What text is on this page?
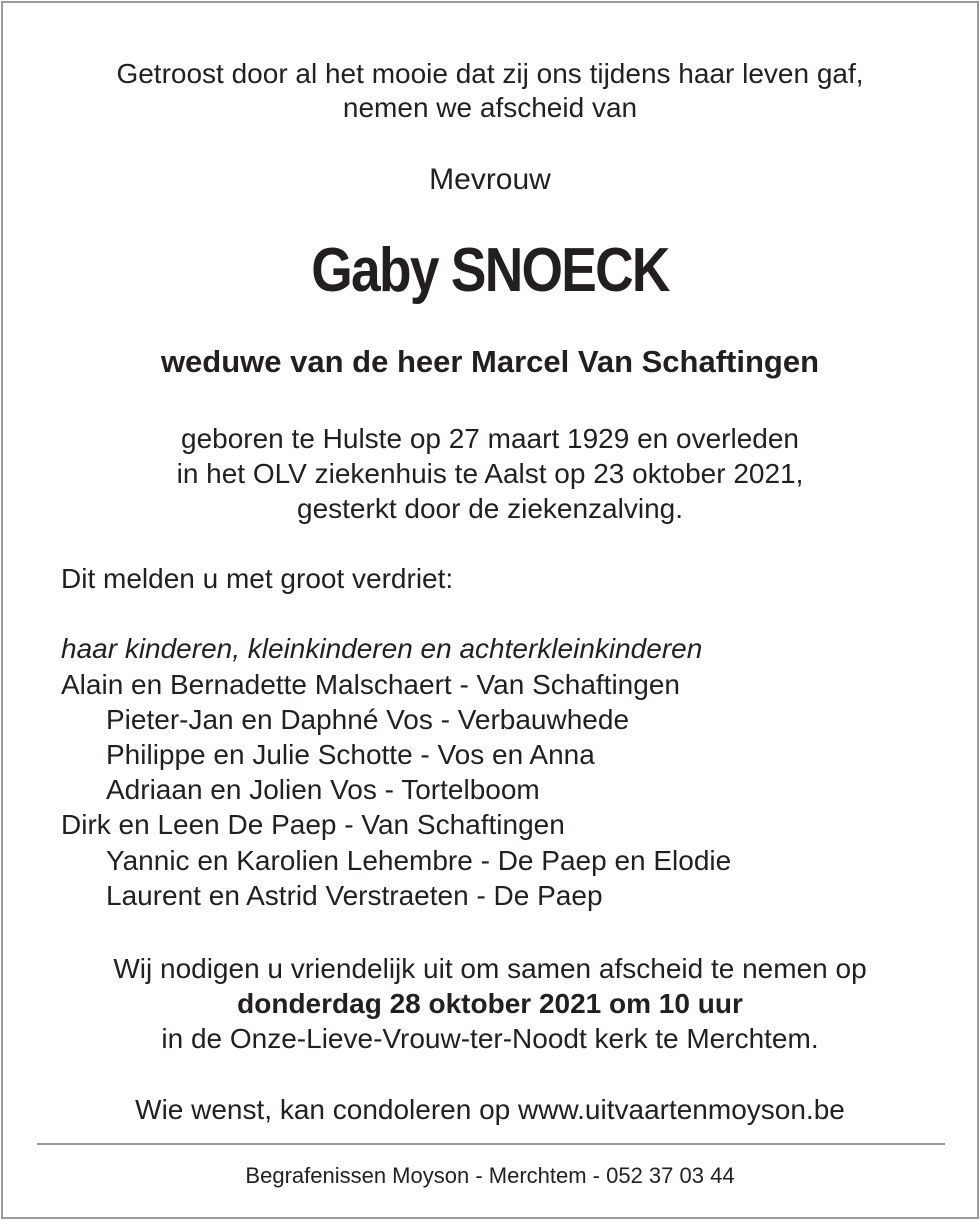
Getroost door al het mooie dat zij ons tijdens haar leven gaf,
nemen we afscheid van
Mevrouw
Gaby SNOECK
weduwe van de heer Marcel Van Schaftingen
geboren te Hulste op 27 maart 1929 en overleden
in het OLV ziekenhuis te Aalst op 23 oktober 2021,
gesterkt door de ziekenzalving.
Dit melden u met groot verdriet:
haar kinderen, kleinkinderen en achterkleinkinderen
Alain en Bernadette Malschaert - Van Schaftingen
Pieter-Jan en Daphné Vos - Verbauwhede
Philippe en Julie Schotte - Vos en Anna
Adriaan en Jolien Vos - Tortelboom
Dirk en Leen De Paep - Van Schaftingen
Yannic en Karolien Lehembre - De Paep en Elodie
Laurent en Astrid Verstraeten - De Paep
Wij nodigen u vriendelijk uit om samen afscheid te nemen op
donderdag 28 oktober 2021 om 10 uur
in de Onze-Lieve-Vrouw-ter-Noodt kerk te Merchtem.
Wie wenst, kan condoleren op www.uitvaartenmoyson.be
Begrafenissen Moyson - Merchtem - 052 37 03 44
